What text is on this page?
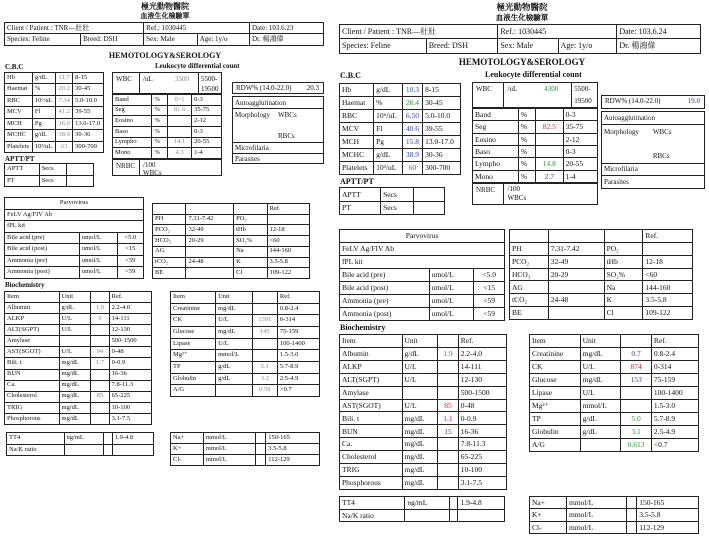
極光動物醫院
血液生化檢驗單
Client / Patient : TNR—壯壯		Ref.: 1030445		Date: 103.6.23
Species: Feline	Breed: DSH	Sex: Male	Age: 1y/o	Dr. 楊鴻偉
HEMOTOLOGY&SEROLOGY
C.B.C	Leukocyte differential count
Hb	g/dL	11.7	8-15
Haemat	%	20.2	30-45
RBC	10⁶/uL	7.34	5.0-10.0
MCV	Fl	41.2	39-55
MCH	Pg	16.0	13.0-17.0
MCHC	g/dL	38.9	30-36
Platelets	10³/uL	63	300-700
WBC /uL	3500 5500-
19500
Band	%	0~1	0-3
Seg	%	81.6	35-75
Eosino	%		2-12
Baso	%		0-3
Lympho	%	14.1	20-55
Mono	%	4.3	1-4
NRBC /100
WBCs
RDW% (14.0-22.0) 20.3
Autoagglutination
Morphology WBCs
RBCs
Microfilaria
Parasites
APTT/PT
APTT	Secs	
PT	Secs	
Parvovirus		
FeLV Ag/FIV Ab		
fPL kit		
Bile acid (pre)	umol/L	<5.0
Bile acid (post)	umol/L	<15
Ammonia (pre)	umol/L	<59
Ammonia (post)	umol/L	<59
			Ref.
PH	7.31-7.42	PO₂	
PCO₂	32-49	tHb	12-18
HCO₃	20-29	SO₂%	<60
AG		Na	144-160
tCO₂	24-48	K	3.5-5.8
BE		Cl	109-122
Biochemistry
Item	Unit		Ref.
Albumin	g/dL	1.9	2.2-4.0
ALKP	U/L	9	14-111
ALT(SGPT)	U/L		12-130
Amylase			500-1500
AST(SGOT)	U/L	94	0-48
Bili. t	mg/dL	1.7	0-0.9
BUN	mg/dL		16-36
Ca.	mg/dL		7.8-11.3
Cholesterol	mg/dL	85	65-225
TRIG	mg/dL		10-100
Phosphorous	mg/dL		3.1-7.5
Item	Unit		Ref.
Creatinine	mg/dL		0.8-2.4
CK	U/L	1391	0-314
Glucose	mg/dL	145	75-159
Lipase	U/L		100-1400
Mg²⁺	mmol/L		1.5-3.0
TP	g/dL	5.1	5.7-8.9
Globulin	g/dL	3.2	2.5-4.9
A/G		0.59	>0.7
TT4	ng/mL		1.9-4.8
Na/K ratio			
Na+	mmol/L		150-165
K+	mmol/L		3.5-5.8
Cl-	mmol/L		112-129
極光動物醫院
血液生化檢驗單
Client / Patient : TNR—壯壯		Ref.: 1030445		Date: 103.6.24
Species: Feline	Breed: DSH	Sex: Male	Age: 1y/o	Dr. 楊鴻偉
HEMOTOLOGY&SEROLOGY
C.B.C	Leukocyte differential count
Hb	g/dL	10.3	8-15
Haemat	%	26.4	30-45
RBC	10⁶/uL	6.50	5.0-10.0
MCV	Fl	40.6	39-55
MCH	Pg	15.8	13.0-17.0
MCHC	g/dL	38.9	30-36
Platelets	10³/uL	60	300-700
WBC /uL	4300 5500-
19500
Band	%		0-3
Seg	%	82.5	35-75
Eosino	%		2-12
Baso	%		0-3
Lympho	%	14.8	20-55
Mono	%	2.7	1-4
NRBC /100
WBCs
RDW% (14.0-22.0)	19.0
Autoagglutination
Morphology WBCs
RBCs
Microfilaria
Parasites
APTT/PT
APTT	Secs	
PT	Secs	
Parvovirus		
FeLV Ag/FIV Ab		
fPL kit		
Bile acid (pre)	umol/L	<5.0
Bile acid (post)	umol/L	<15
Ammonia (pre)	umol/L	<59
Ammonia (post)	umol/L	<59
			Ref.
PH	7.31-7.42	PO₂	
PCO₂	32-49	tHb	12-18
HCO₃	20-29	SO₂%	<60
AG		Na	144-160
tCO₂	24-48	K	3.5-5.8
BE		Cl	109-122
Biochemistry
Item	Unit		Ref.
Albumin	g/dL	1.9	2.2-4.0
ALKP	U/L		14-111
ALT(SGPT)	U/L		12-130
Amylase			500-1500
AST(SGOT)	U/L	85	0-48
Bili. t	mg/dL	1.1	0-0.9
BUN	mg/dL	15	16-36
Ca.	mg/dL		7.8-11.3
Cholesterol	mg/dL		65-225
TRIG	mg/dL		10-100
Phosphorous	mg/dL		3.1-7.5
Item	Unit		Ref.
Creatinine	mg/dL	0.7	0.8-2.4
CK	U/L	874	0-314
Glucose	mg/dL	153	75-159
Lipase	U/L		100-1400
Mg²⁺	mmol/L		1.5-3.0
TP	g/dL	5.0	5.7-8.9
Globulin	g/dL	3.1	2.5-4.9
A/G		0.613	<0.7
TT4	ng/mL		1.9-4.8
Na/K ratio			
Na+	mmol/L		150-165
K+	mmol/L		3.5-5.8
Cl-	mmol/L		112-129
